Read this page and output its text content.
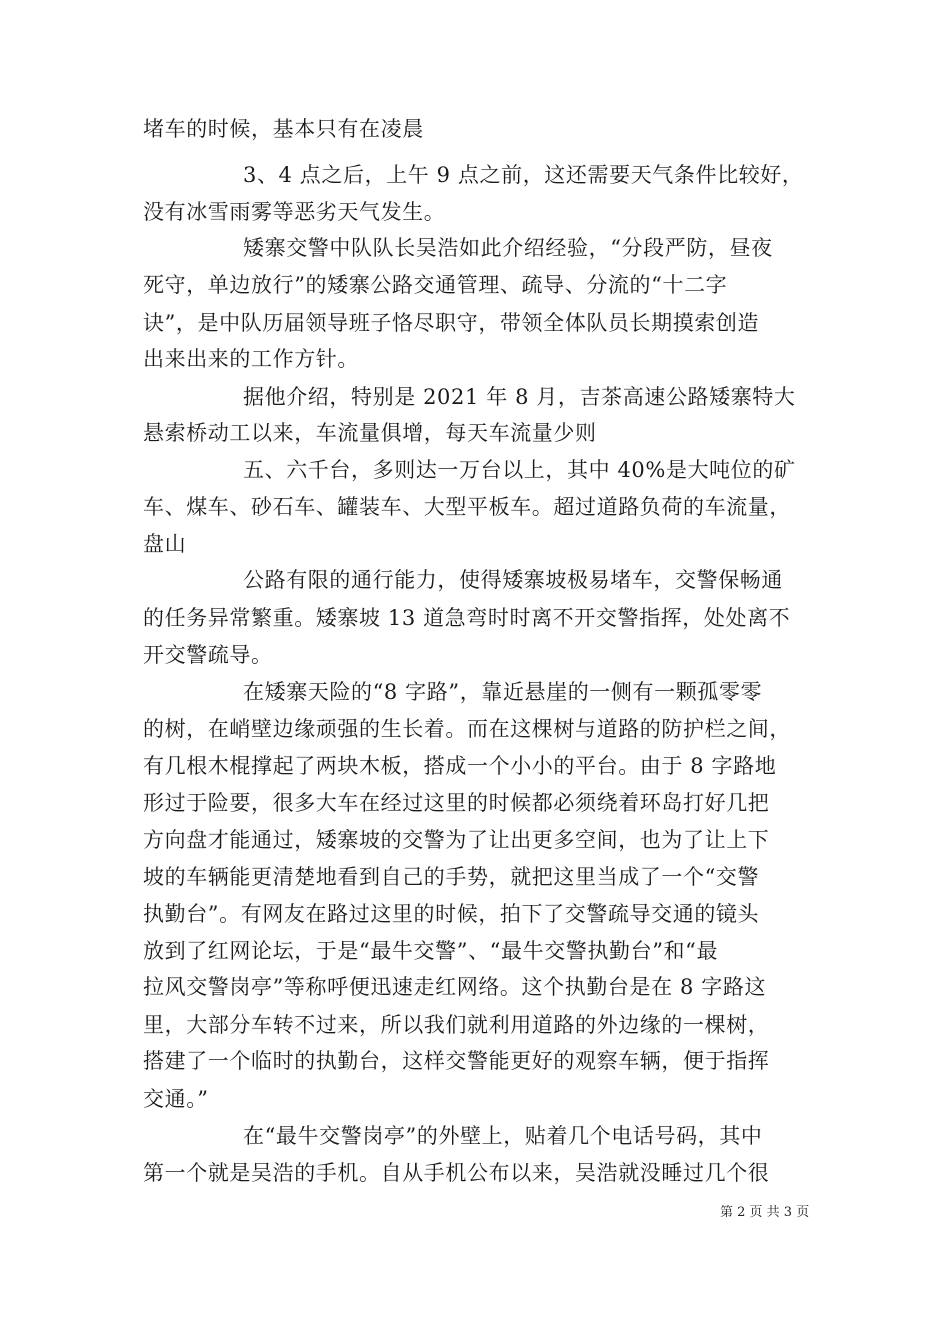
堵车的时候，基本只有在凌晨
3、4 点之后，上午 9 点之前，这还需要天气条件比较好，
没有冰雪雨雾等恶劣天气发生。
矮寨交警中队队长吴浩如此介绍经验，“分段严防，昼夜
死守，单边放行”的矮寨公路交通管理、疏导、分流的“十二字
诀”，是中队历届领导班子恪尽职守，带领全体队员长期摸索创造
出来出来的工作方针。
据他介绍，特别是 2021 年 8 月，吉茶高速公路矮寨特大
悬索桥动工以来，车流量俱增，每天车流量少则
五、六千台，多则达一万台以上，其中 40%是大吨位的矿
车、煤车、砂石车、罐装车、大型平板车。超过道路负荷的车流量，
盘山
公路有限的通行能力，使得矮寨坡极易堵车，交警保畅通
的任务异常繁重。矮寨坡 13 道急弯时时离不开交警指挥，处处离不
开交警疏导。
在矮寨天险的“8 字路”，靠近悬崖的一侧有一颗孤零零
的树，在峭壁边缘顽强的生长着。而在这棵树与道路的防护栏之间，
有几根木棍撑起了两块木板，搭成一个小小的平台。由于 8 字路地
形过于险要，很多大车在经过这里的时候都必须绕着环岛打好几把
方向盘才能通过，矮寨坡的交警为了让出更多空间，也为了让上下
坡的车辆能更清楚地看到自己的手势，就把这里当成了一个“交警
执勤台”。有网友在路过这里的时候，拍下了交警疏导交通的镜头
放到了红网论坛，于是“最牛交警”、“最牛交警执勤台”和“最
拉风交警岗亭”等称呼便迅速走红网络。这个执勤台是在 8 字路这
里，大部分车转不过来，所以我们就利用道路的外边缘的一棵树，
搭建了一个临时的执勤台，这样交警能更好的观察车辆，便于指挥
交通。”
在“最牛交警岗亭”的外壁上，贴着几个电话号码，其中
第一个就是吴浩的手机。自从手机公布以来，吴浩就没睡过几个很
第 2 页 共 3 页
